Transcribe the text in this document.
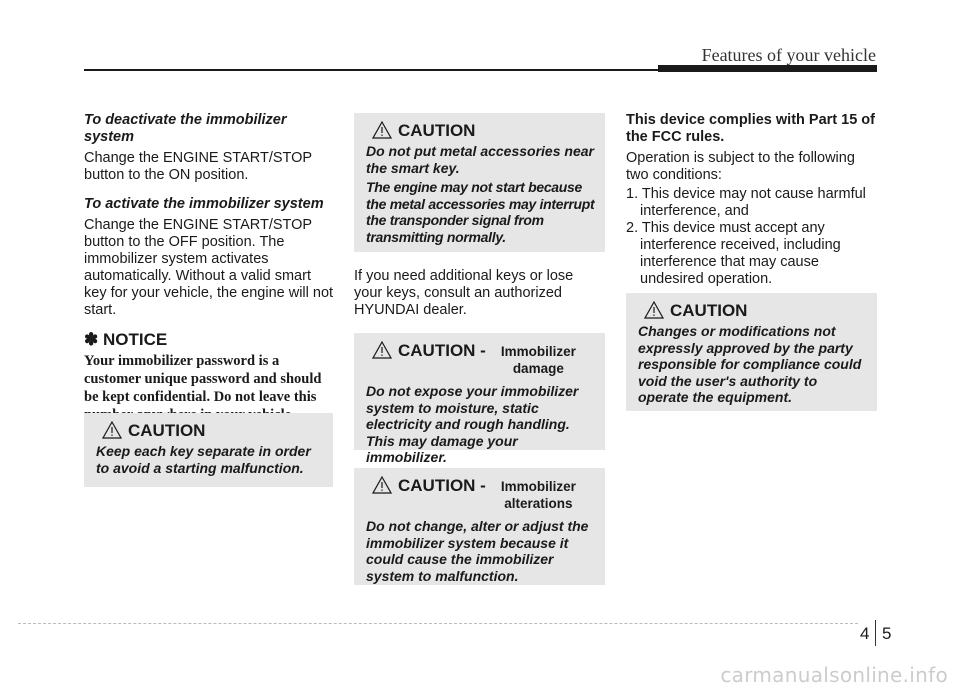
Features of your vehicle
To deactivate the immobilizer system

Change the ENGINE START/STOP button to the ON position.

To activate the immobilizer system

Change the ENGINE START/STOP button to the OFF position. The immobilizer system activates automatically. Without a valid smart key for your vehicle, the engine will not start.

✽ NOTICE
Your immobilizer password is a customer unique password and should be kept confidential. Do not leave this
CAUTION
Keep each key separate in order to avoid a starting malfunction.
CAUTION

Do not put metal accessories near the smart key.

The engine may not start because the metal accessories may interrupt the transponder signal from transmitting normally.

If you need additional keys or lose your keys, consult an authorized HYUNDAI dealer.

CAUTION -	Immobilizer damage
Do not expose your immobilizer system to moisture, static electricity and rough handling. This may damage your immobilizer.
CAUTION -	Immobilizer alterations
Do not change, alter or adjust the immobilizer system because it could cause the immobilizer system to malfunction.

This device complies with Part 15 of the FCC rules.

Operation is subject to the following two conditions:

1. This device may not cause harmful interference, and
2. This device must accept any interference received, including interference that may cause undesired operation.
CAUTION
Changes or modifications not expressly approved by the party responsible for compliance could void the user's authority to operate the equipment.
4 5
carmanualsonline.info
